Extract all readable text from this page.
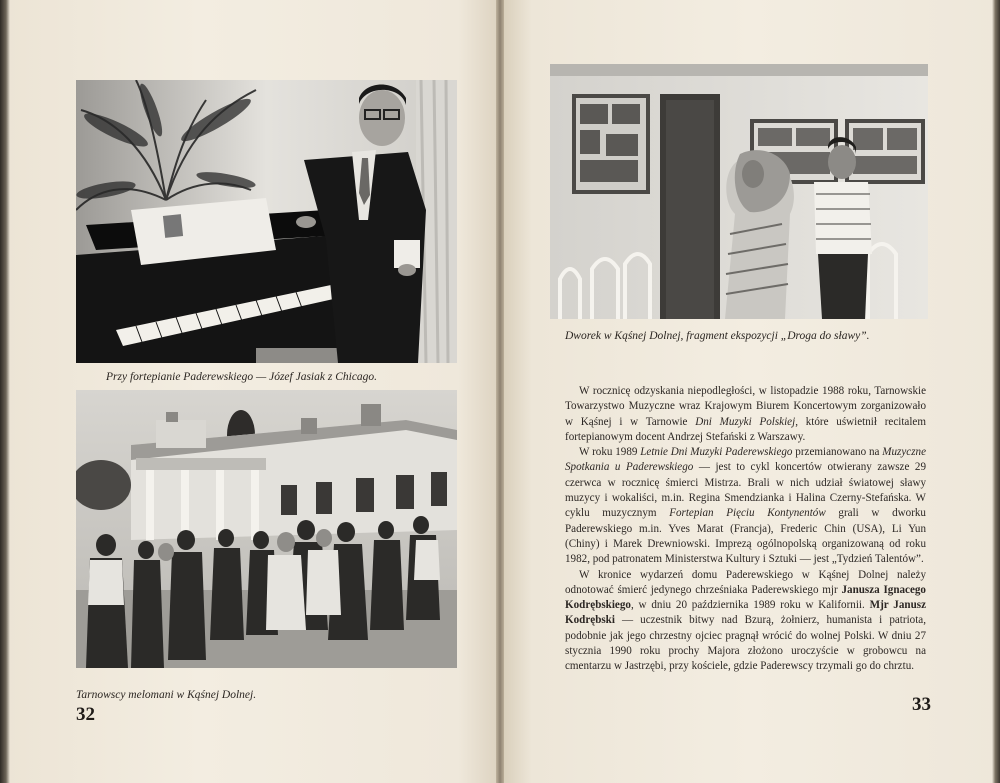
Przy fortepianie Paderewskiego — Józef Jasiak z Chicago.
Tarnowscy melomani w Kąśnej Dolnej.
32
Dworek w Kąśnej Dolnej, fragment ekspozycji „Droga do sławy”.

W rocznicę odzyskania niepodległości, w listopadzie 1988 roku, Tarnowskie Towarzystwo Muzyczne wraz Krajowym Biurem Koncertowym zorganizowało w Kąśnej i w Tarnowie Dni Muzyki Polskiej, które uświetnił recitalem fortepianowym docent Andrzej Stefański z Warszawy.

W roku 1989 Letnie Dni Muzyki Paderewskiego przemianowano na Muzyczne Spotkania u Paderewskiego — jest to cykl koncertów otwierany zawsze 29 czerwca w rocznicę śmierci Mistrza. Brali w nich udział światowej sławy muzycy i wokaliści, m.in. Regina Smendzianka i Halina Czerny-Stefańska. W cyklu muzycznym Fortepian Pięciu Kontynentów grali w dworku Paderewskiego m.in. Yves Marat (Francja), Frederic Chin (USA), Li Yun (Chiny) i Marek Drewniowski. Imprezą ogólnopolską organizowaną od roku 1982, pod patronatem Ministerstwa Kultury i Sztuki — jest „Tydzień Talentów”.

W kronice wydarzeń domu Paderewskiego w Kąśnej Dolnej należy odnotować śmierć jedynego chrześniaka Paderewskiego mjr Janusza Ignacego Kodrębskiego, w dniu 20 października 1989 roku w Kalifornii. Mjr Janusz Kodrębski — uczestnik bitwy nad Bzurą, żołnierz, humanista i patriota, podobnie jak jego chrzestny ojciec pragnął wrócić do wolnej Polski. W dniu 27 stycznia 1990 roku prochy Majora złożono uroczyście w grobowcu na cmentarzu w Jastrzębi, przy kościele, gdzie Paderewscy trzymali go do chrztu.

33
